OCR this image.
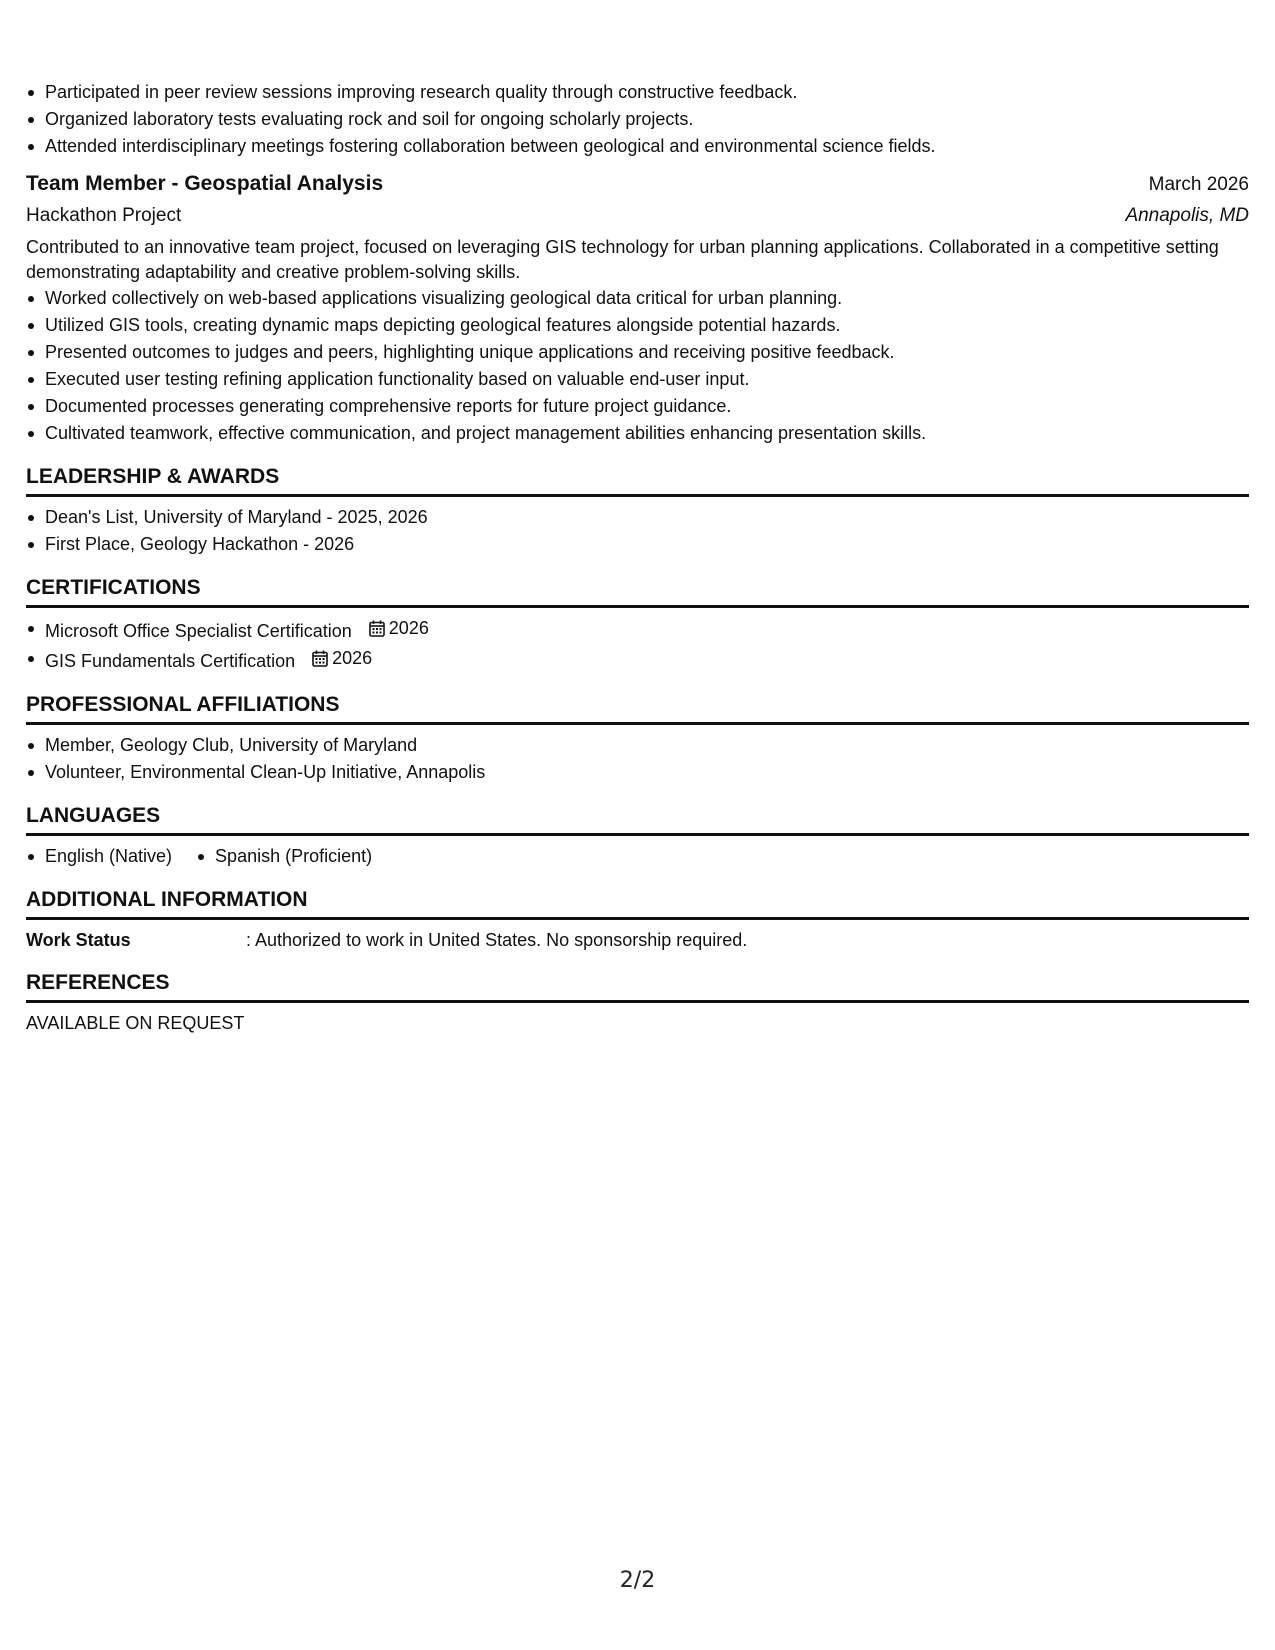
Participated in peer review sessions improving research quality through constructive feedback.
Organized laboratory tests evaluating rock and soil for ongoing scholarly projects.
Attended interdisciplinary meetings fostering collaboration between geological and environmental science fields.
Team Member - Geospatial Analysis	March 2026
Hackathon Project	Annapolis, MD

Contributed to an innovative team project, focused on leveraging GIS technology for urban planning applications. Collaborated in a competitive setting demonstrating adaptability and creative problem-solving skills.

Worked collectively on web-based applications visualizing geological data critical for urban planning.
Utilized GIS tools, creating dynamic maps depicting geological features alongside potential hazards.
Presented outcomes to judges and peers, highlighting unique applications and receiving positive feedback.
Executed user testing refining application functionality based on valuable end-user input.
Documented processes generating comprehensive reports for future project guidance.
Cultivated teamwork, effective communication, and project management abilities enhancing presentation skills.
LEADERSHIP & AWARDS
Dean's List, University of Maryland - 2025, 2026
First Place, Geology Hackathon - 2026
CERTIFICATIONS
Microsoft Office Specialist Certification 2026
GIS Fundamentals Certification 2026
PROFESSIONAL AFFILIATIONS
Member, Geology Club, University of Maryland
Volunteer, Environmental Clean-Up Initiative, Annapolis
LANGUAGES
English (Native)	Spanish (Proficient)
ADDITIONAL INFORMATION
Work Status	: Authorized to work in United States. No sponsorship required.
REFERENCES

AVAILABLE ON REQUEST

2/2
